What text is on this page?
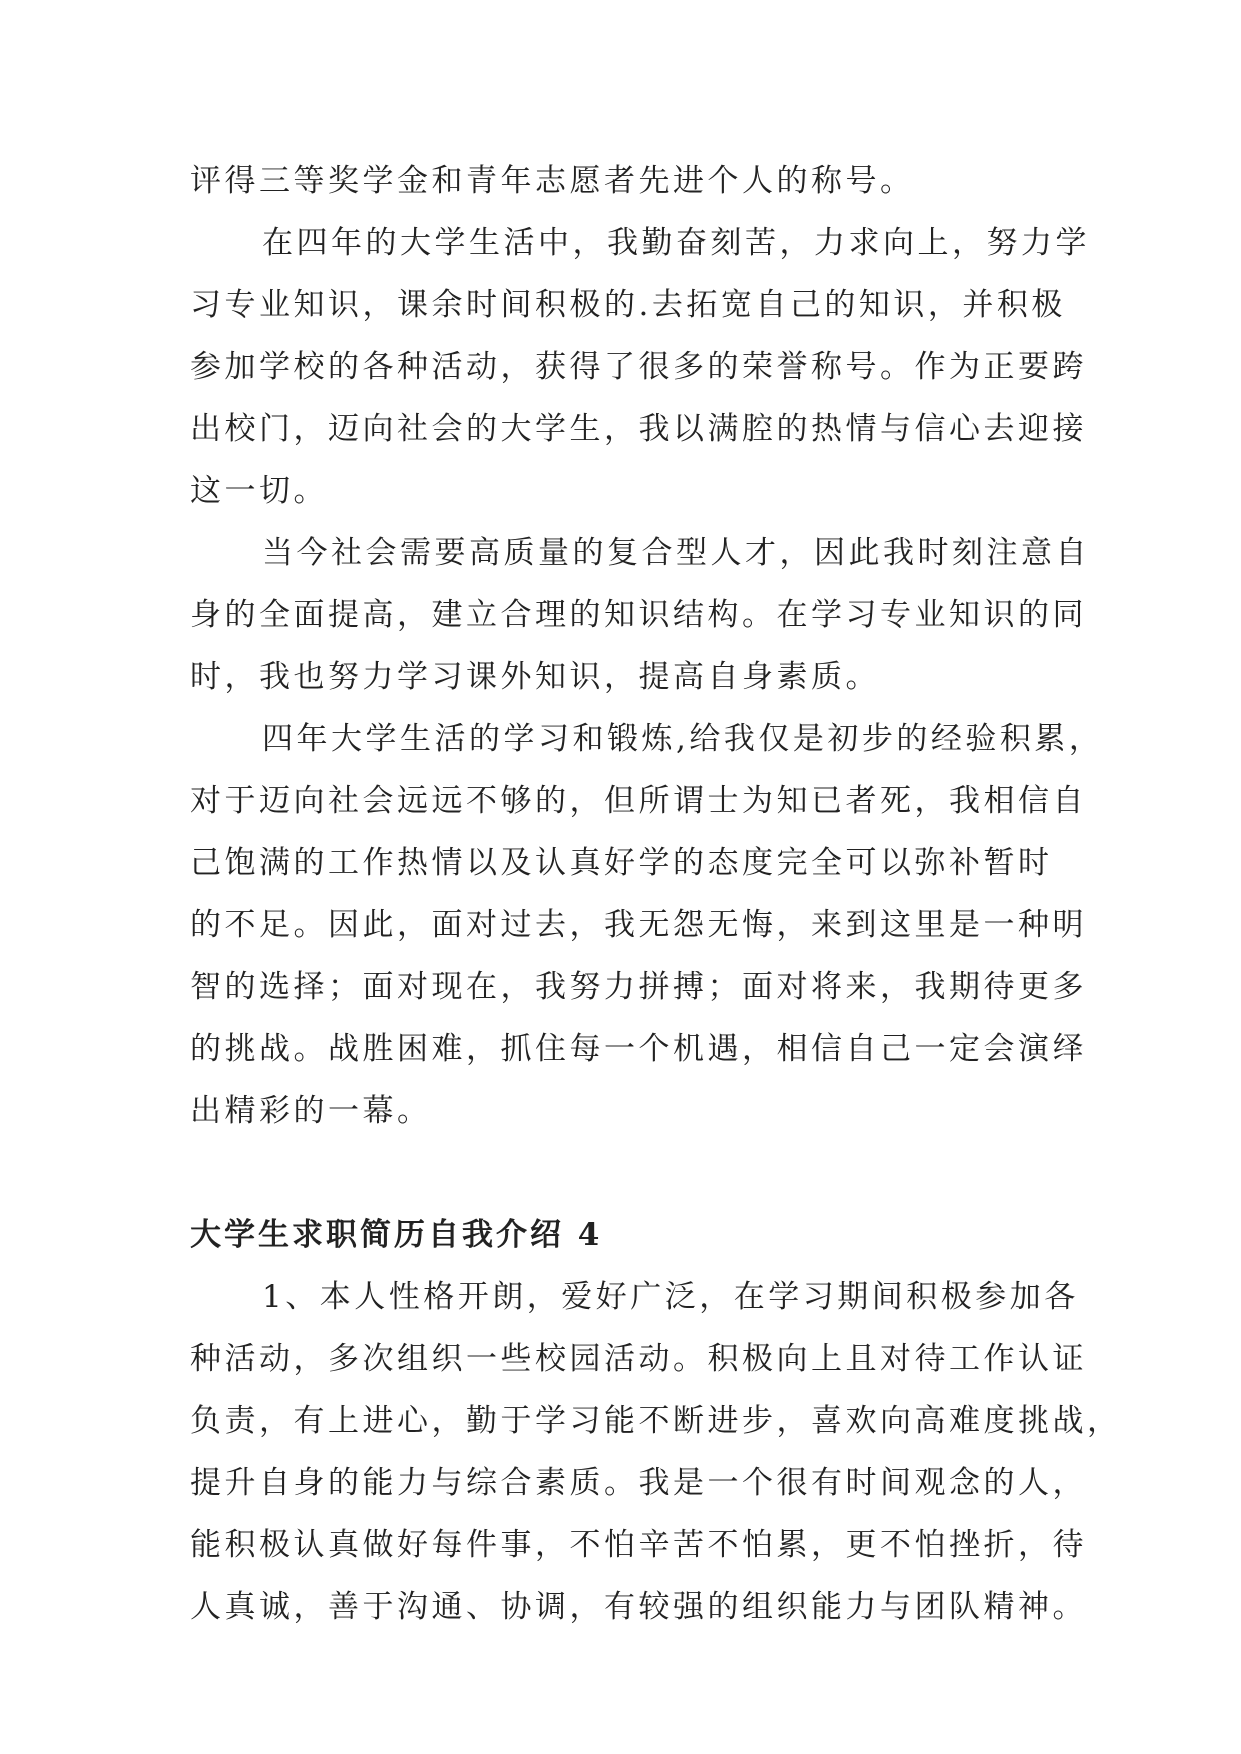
评得三等奖学金和青年志愿者先进个人的称号。

在四年的大学生活中，我勤奋刻苦，力求向上，努力学

习专业知识，课余时间积极的.去拓宽自己的知识，并积极

参加学校的各种活动，获得了很多的荣誉称号。作为正要跨

出校门，迈向社会的大学生，我以满腔的热情与信心去迎接

这一切。

当今社会需要高质量的复合型人才，因此我时刻注意自

身的全面提高，建立合理的知识结构。在学习专业知识的同

时，我也努力学习课外知识，提高自身素质。

四年大学生活的学习和锻炼,给我仅是初步的经验积累，

对于迈向社会远远不够的，但所谓士为知已者死，我相信自

己饱满的工作热情以及认真好学的态度完全可以弥补暂时

的不足。因此，面对过去，我无怨无悔，来到这里是一种明

智的选择；面对现在，我努力拼搏；面对将来，我期待更多

的挑战。战胜困难，抓住每一个机遇，相信自己一定会演绎

出精彩的一幕。

大学生求职简历自我介绍 4

1、本人性格开朗，爱好广泛，在学习期间积极参加各

种活动，多次组织一些校园活动。积极向上且对待工作认证

负责，有上进心，勤于学习能不断进步，喜欢向高难度挑战，

提升自身的能力与综合素质。我是一个很有时间观念的人，

能积极认真做好每件事，不怕辛苦不怕累，更不怕挫折，待

人真诚，善于沟通、协调，有较强的组织能力与团队精神。
